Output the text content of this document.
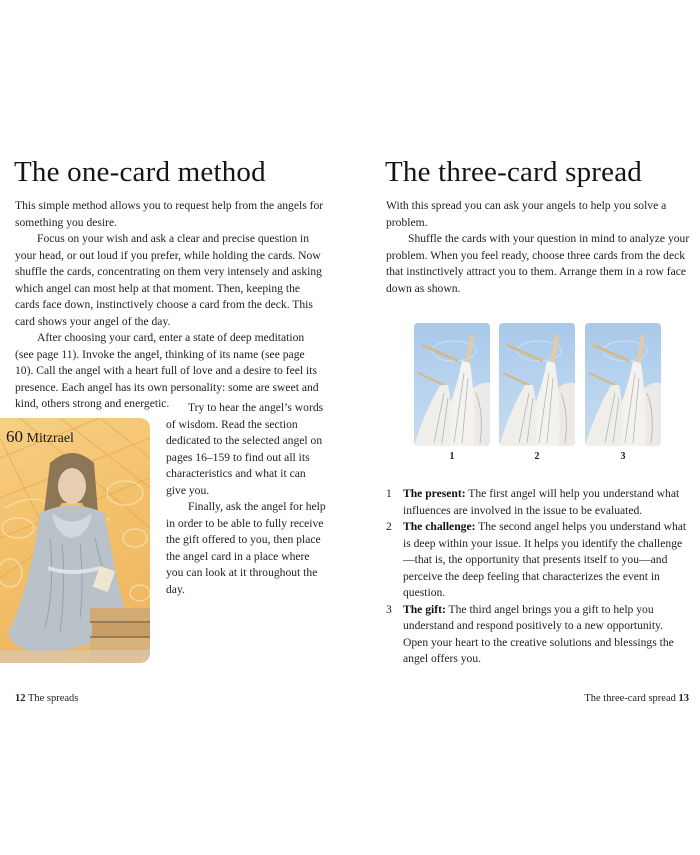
The one-card method

This simple method allows you to request help from the angels for something you desire.

Focus on your wish and ask a clear and precise question in your head, or out loud if you prefer, while holding the cards. Now shuffle the cards, concentrating on them very intensely and asking which angel can most help at that moment. Then, keeping the cards face down, instinctively choose a card from the deck. This card shows your angel of the day.

After choosing your card, enter a state of deep meditation (see page 11). Invoke the angel, thinking of its name (see page 10). Call the angel with a heart full of love and a desire to feel its presence. Each angel has its own personality: some are sweet and kind, others strong and energetic.	Try to hear the angel’s words of wisdom. Read the section dedicated to the selected angel on pages 16–159 to find out all its characteristics and what it can give you.

Finally, ask the angel for help in order to be able to fully receive the gift offered to you, then place the angel card in a place where you can look at it throughout the day.

60 Mitzrael
12 The spreads
The three-card spread

With this spread you can ask your angels to help you solve a problem.

Shuffle the cards with your question in mind to analyze your problem. When you feel ready, choose three cards from the deck that instinctively attract you to them. Arrange them in a row face down as shown.

1	2	3
1 The present: The first angel will help you understand what influences are involved in the issue to be evaluated.
2 The challenge: The second angel helps you understand what is deep within your issue. It helps you identify the challenge—that is, the opportunity that presents itself to you—and perceive the deep feeling that characterizes the event in question.
3 The gift: The third angel brings you a gift to help you understand and respond positively to a new opportunity. Open your heart to the creative solutions and blessings the angel offers you.
The three-card spread 13
